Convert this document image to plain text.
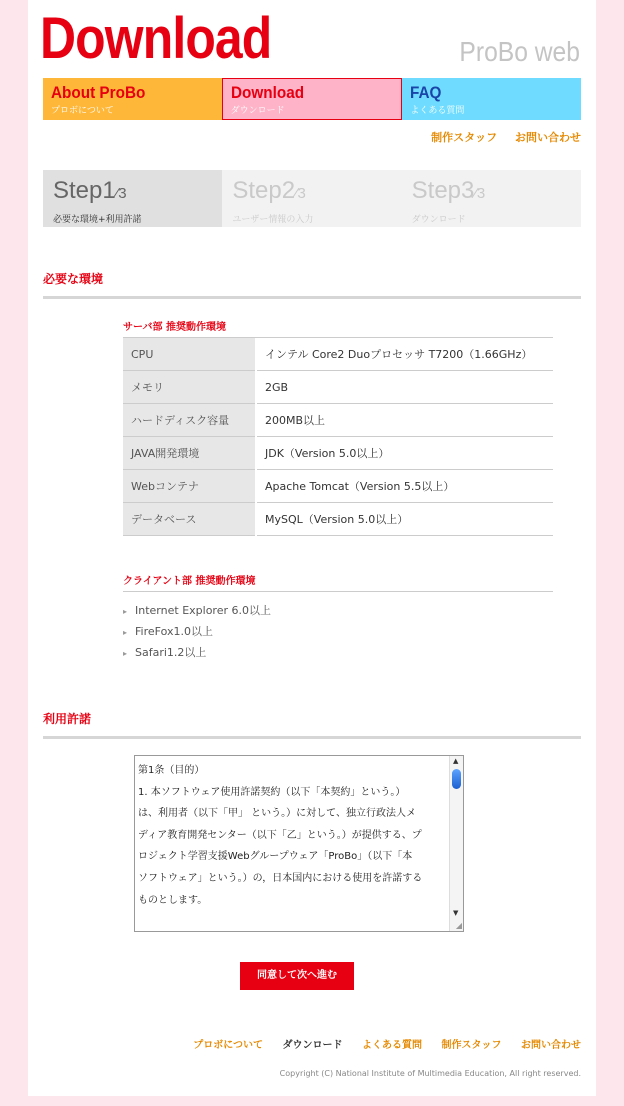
Download	ProBo web
About ProBo
プロボについて
Download
ダウンロード
FAQ
よくある質問
制作スタッフ お問い合わせ
Step1⁄3
必要な環境+利用許諾
Step2⁄3
ユーザー情報の入力
Step3⁄3
ダウンロード
必要な環境
サーバ部 推奨動作環境
CPU	インテル Core2 Duoプロセッサ T7200（1.66GHz）
メモリ	2GB
ハードディスク容量	200MB以上
JAVA開発環境	JDK（Version 5.0以上）
Webコンテナ	Apache Tomcat（Version 5.5以上）
データベース	MySQL（Version 5.0以上）
クライアント部 推奨動作環境
▸ Internet Explorer 6.0以上
▸ FireFox1.0以上
▸ Safari1.2以上
利用許諾
第1条（目的）
1. 本ソフトウェア使用許諾契約（以下「本契約」という。）
は、利用者（以下「甲」 という。）に対して、独立行政法人メ
ディア教育開発センター（以下「乙」という。）が提供する、プ
ロジェクト学習支援Webグループウェア「ProBo」（以下「本
ソフトウェア」という。）の，日本国内における使用を許諾する
ものとします。
▲
▼
◢
同意して次へ進む
プロボについて ダウンロード よくある質問 制作スタッフ お問い合わせ
Copyright (C) National Institute of Multimedia Education, All right reserved.
